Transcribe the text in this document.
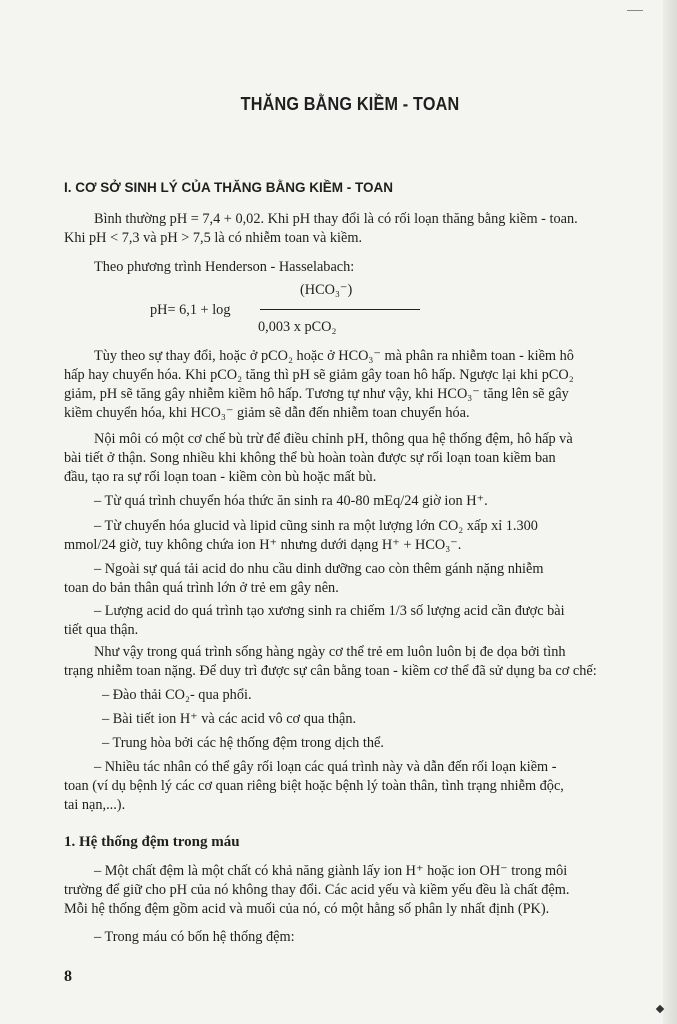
THĂNG BẰNG KIỀM - TOAN
I. CƠ SỞ SINH LÝ CỦA THĂNG BẰNG KIỀM - TOAN

Bình thường pH = 7,4 + 0,02. Khi pH thay đổi là có rối loạn thăng bằng kiềm - toan.
Khi pH < 7,3 và pH > 7,5 là có nhiễm toan và kiềm.

Theo phương trình Henderson - Hasselabach:

pH= 6,1 + log
(HCO₃⁻)
0,003 x pCO₂

Tùy theo sự thay đổi, hoặc ở pCO₂ hoặc ở HCO₃⁻ mà phân ra nhiễm toan - kiềm hô
hấp hay chuyển hóa. Khi pCO₂ tăng thì pH sẽ giảm gây toan hô hấp. Ngược lại khi pCO₂
giảm, pH sẽ tăng gây nhiễm kiềm hô hấp. Tương tự như vậy, khi HCO₃⁻ tăng lên sẽ gây
kiềm chuyển hóa, khi HCO₃⁻ giảm sẽ dẫn đến nhiễm toan chuyển hóa.

Nội môi có một cơ chế bù trừ để điều chỉnh pH, thông qua hệ thống đệm, hô hấp và
bài tiết ở thận. Song nhiều khi không thể bù hoàn toàn được sự rối loạn toan kiềm ban
đầu, tạo ra sự rối loạn toan - kiềm còn bù hoặc mất bù.

– Từ quá trình chuyển hóa thức ăn sinh ra 40-80 mEq/24 giờ ion H⁺.

– Từ chuyển hóa glucid và lipid cũng sinh ra một lượng lớn CO₂ xấp xỉ 1.300
mmol/24 giờ, tuy không chứa ion H⁺ nhưng dưới dạng H⁺ + HCO₃⁻.

– Ngoài sự quá tải acid do nhu cầu dinh dưỡng cao còn thêm gánh nặng nhiễm
toan do bản thân quá trình lớn ở trẻ em gây nên.

– Lượng acid do quá trình tạo xương sinh ra chiếm 1/3 số lượng acid cần được bài
tiết qua thận.

Như vậy trong quá trình sống hàng ngày cơ thể trẻ em luôn luôn bị đe dọa bởi tình
trạng nhiễm toan nặng. Để duy trì được sự cân bằng toan - kiềm cơ thể đã sử dụng ba cơ chế:

– Đào thải CO₂- qua phổi.

– Bài tiết ion H⁺ và các acid vô cơ qua thận.

– Trung hòa bởi các hệ thống đệm trong dịch thể.

– Nhiều tác nhân có thể gây rối loạn các quá trình này và dẫn đến rối loạn kiềm -
toan (ví dụ bệnh lý các cơ quan riêng biệt hoặc bệnh lý toàn thân, tình trạng nhiễm độc,
tai nạn,...).

1. Hệ thống đệm trong máu

– Một chất đệm là một chất có khả năng giành lấy ion H⁺ hoặc ion OH⁻ trong môi
trường để giữ cho pH của nó không thay đổi. Các acid yếu và kiềm yếu đều là chất đệm.
Mỗi hệ thống đệm gồm acid và muối của nó, có một hằng số phân ly nhất định (PK).

– Trong máu có bốn hệ thống đệm:

8
